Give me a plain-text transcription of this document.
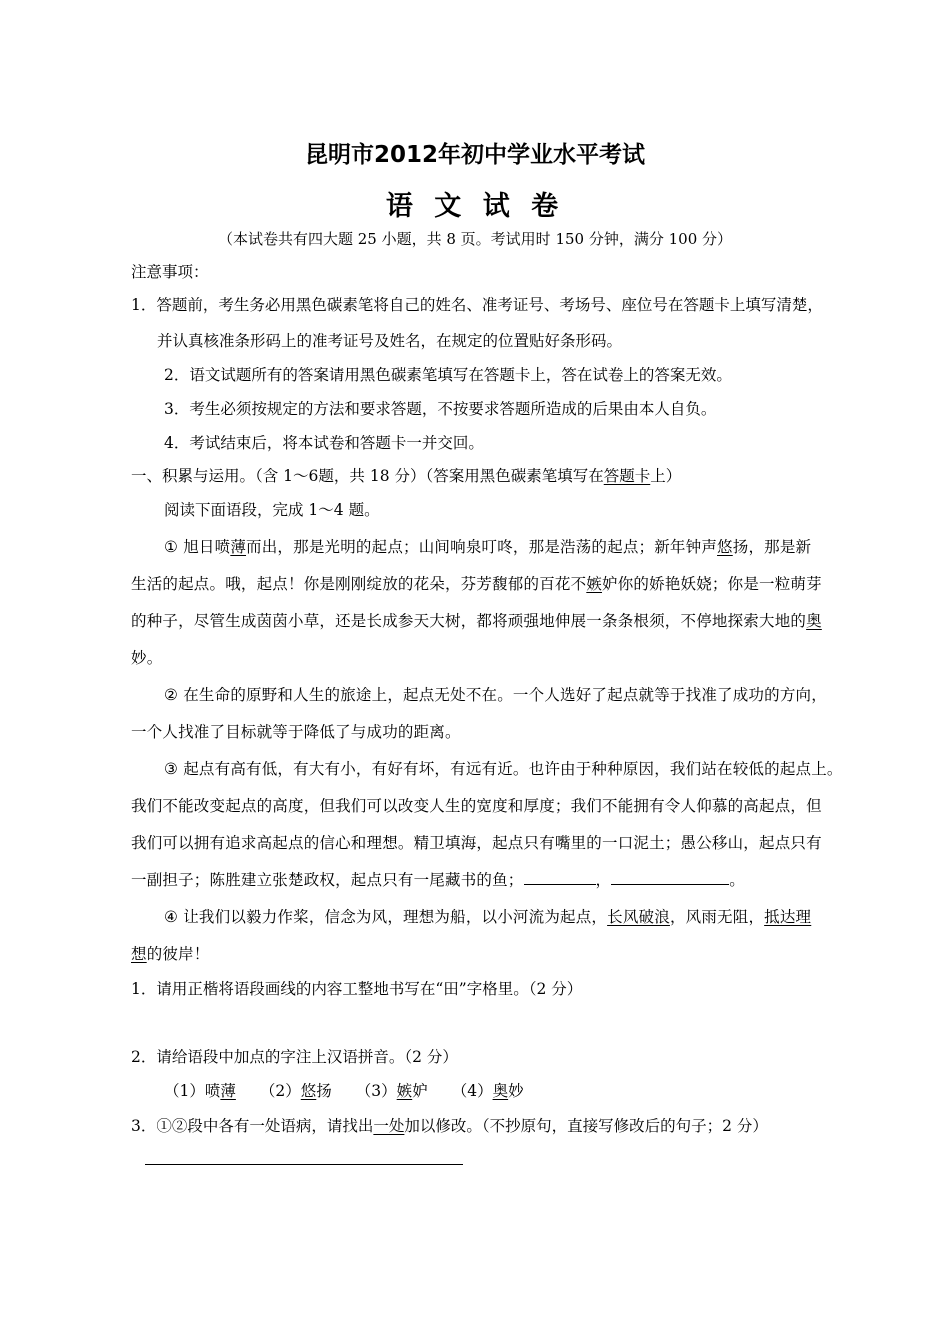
昆明市2012年初中学业水平考试
语 文 试 卷
（本试卷共有四大题 25 小题，共 8 页。考试用时 150 分钟，满分 100 分）
注意事项：
1．答题前，考生务必用黑色碳素笔将自己的姓名、准考证号、考场号、座位号在答题卡上填写清楚，
并认真核准条形码上的准考证号及姓名，在规定的位置贴好条形码。
2．语文试题所有的答案请用黑色碳素笔填写在答题卡上，答在试卷上的答案无效。
3．考生必须按规定的方法和要求答题，不按要求答题所造成的后果由本人自负。
4．考试结束后，将本试卷和答题卡一并交回。
一、积累与运用。（含 1～6题，共 18 分）（答案用黑色碳素笔填写在答题卡上）
阅读下面语段，完成 1～4 题。
① 旭日喷薄而出，那是光明的起点；山间响泉叮咚，那是浩荡的起点；新年钟声悠扬，那是新
生活的起点。哦，起点！你是刚刚绽放的花朵，芬芳馥郁的百花不嫉妒你的娇艳妖娆；你是一粒萌芽
的种子，尽管生成茵茵小草，还是长成参天大树，都将顽强地伸展一条条根须，不停地探索大地的奥
妙。
② 在生命的原野和人生的旅途上，起点无处不在。一个人选好了起点就等于找准了成功的方向，
一个人找准了目标就等于降低了与成功的距离。
③ 起点有高有低，有大有小，有好有坏，有远有近。也许由于种种原因，我们站在较低的起点上。
我们不能改变起点的高度，但我们可以改变人生的宽度和厚度；我们不能拥有令人仰慕的高起点，但
我们可以拥有追求高起点的信心和理想。精卫填海，起点只有嘴里的一口泥土；愚公移山，起点只有
一副担子；陈胜建立张楚政权，起点只有一尾藏书的鱼；	，	。
④ 让我们以毅力作桨，信念为风，理想为船，以小河流为起点，长风破浪，风雨无阻，抵达理
想的彼岸！
1．请用正楷将语段画线的内容工整地书写在“田”字格里。（2 分）
2．请给语段中加点的字注上汉语拼音。（2 分）
（1）喷薄 （2）悠扬 （3）嫉妒 （4）奥妙
3．①②段中各有一处语病，请找出一处加以修改。（不抄原句，直接写修改后的句子；2 分）
